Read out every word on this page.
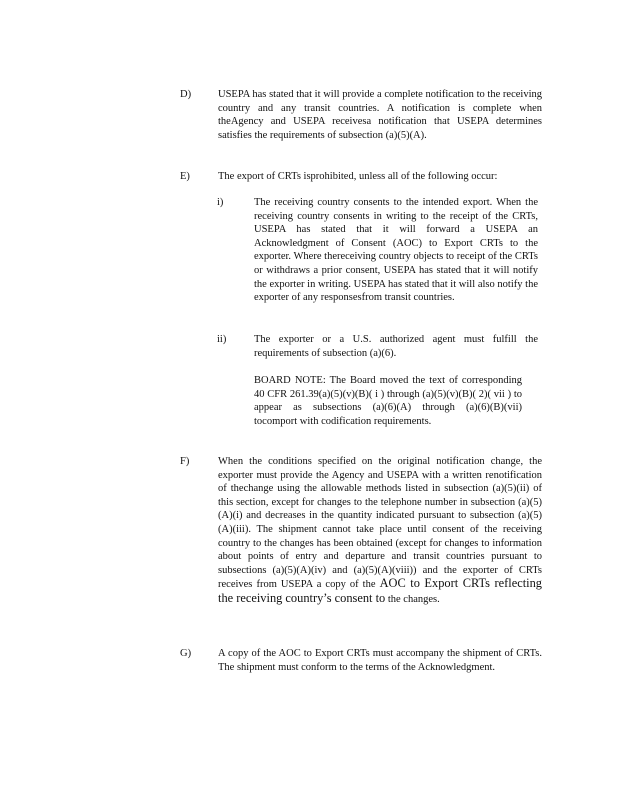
D)	USEPA has stated that it will provide a complete notification to the receiving country and any transit countries. A notification is complete when theAgency and USEPA receivesa notification that USEPA determines satisfies the requirements of subsection (a)(5)(A).
E)	The export of CRTs isprohibited, unless all of the following occur:
i)	The receiving country consents to the intended export. When the receiving country consents in writing to the receipt of the CRTs, USEPA has stated that it will forward a USEPA an Acknowledgment of Consent (AOC) to Export CRTs to the exporter. Where thereceiving country objects to receipt of the CRTs or withdraws a prior consent, USEPA has stated that it will notify the exporter in writing. USEPA has stated that it will also notify the exporter of any responsesfrom transit countries.
ii)	The exporter or a U.S. authorized agent must fulfill the requirements of subsection (a)(6).
BOARD NOTE: The Board moved the text of corresponding 40 CFR 261.39(a)(5)(v)(B)( i ) through (a)(5)(v)(B)( 2)( vii ) to appear as subsections (a)(6)(A) through (a)(6)(B)(vii) tocomport with codification requirements.
F)	When the conditions specified on the original notification change, the exporter must provide the Agency and USEPA with a written renotification of thechange using the allowable methods listed in subsection (a)(5)(ii) of this section, except for changes to the telephone number in subsection (a)(5)(A)(i) and decreases in the quantity indicated pursuant to subsection (a)(5)(A)(iii). The shipment cannot take place until consent of the receiving country to the changes has been obtained (except for changes to information about points of entry and departure and transit countries pursuant to subsections (a)(5)(A)(iv) and (a)(5)(A)(viii)) and the exporter of CRTs receives from USEPA a copy of the AOC to Export CRTs reflecting the receiving country’s consent to the changes.
G)	A copy of the AOC to Export CRTs must accompany the shipment of CRTs. The shipment must conform to the terms of the Acknowledgment.
